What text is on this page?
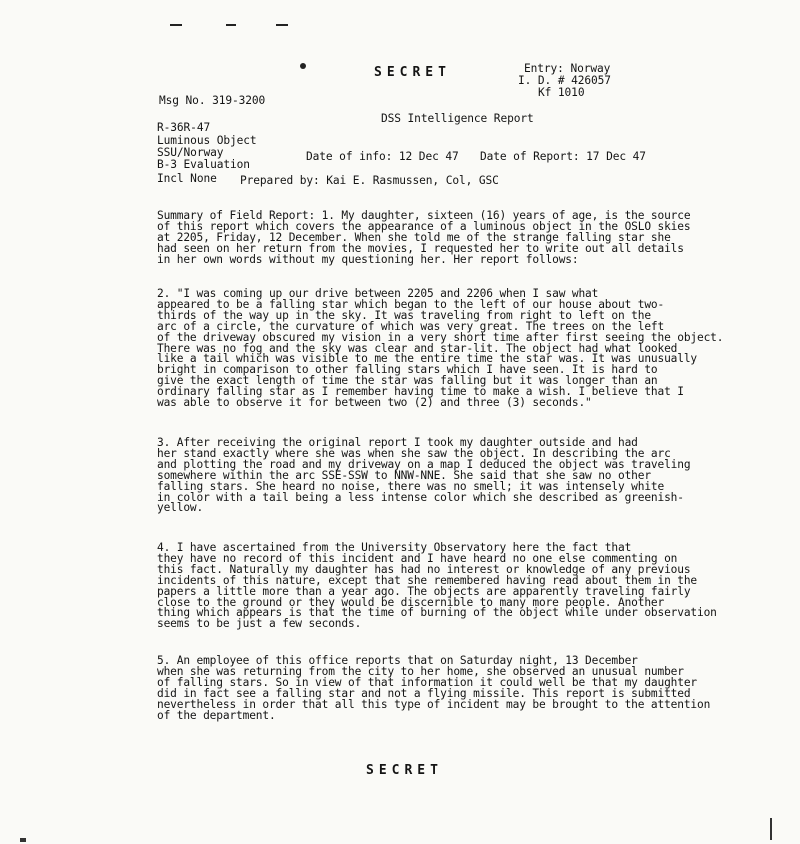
SECRET	Entry: Norway
I. D. # 426057
Kf 1010
Msg No. 319-3200
DSS Intelligence Report
R-36R-47
Luminous Object
SSU/Norway
B-3 Evaluation
Incl None
Date of info: 12 Dec 47 Date of Report: 17 Dec 47
Prepared by: Kai E. Rasmussen, Col, GSC
Summary of Field Report: 1. My daughter, sixteen (16) years of age, is the source
of this report which covers the appearance of a luminous object in the OSLO skies
at 2205, Friday, 12 December. When she told me of the strange falling star she
had seen on her return from the movies, I requested her to write out all details
in her own words without my questioning her. Her report follows:
2. "I was coming up our drive between 2205 and 2206 when I saw what
appeared to be a falling star which began to the left of our house about two-
thirds of the way up in the sky. It was traveling from right to left on the
arc of a circle, the curvature of which was very great. The trees on the left
of the driveway obscured my vision in a very short time after first seeing the object.
There was no fog and the sky was clear and star-lit. The object had what looked
like a tail which was visible to me the entire time the star was. It was unusually
bright in comparison to other falling stars which I have seen. It is hard to
give the exact length of time the star was falling but it was longer than an
ordinary falling star as I remember having time to make a wish. I believe that I
was able to observe it for between two (2) and three (3) seconds."
3. After receiving the original report I took my daughter outside and had
her stand exactly where she was when she saw the object. In describing the arc
and plotting the road and my driveway on a map I deduced the object was traveling
somewhere within the arc SSE-SSW to NNW-NNE. She said that she saw no other
falling stars. She heard no noise, there was no smell; it was intensely white
in color with a tail being a less intense color which she described as greenish-
yellow.
4. I have ascertained from the University Observatory here the fact that
they have no record of this incident and I have heard no one else commenting on
this fact. Naturally my daughter has had no interest or knowledge of any previous
incidents of this nature, except that she remembered having read about them in the
papers a little more than a year ago. The objects are apparently traveling fairly
close to the ground or they would be discernible to many more people. Another
thing which appears is that the time of burning of the object while under observation
seems to be just a few seconds.
5. An employee of this office reports that on Saturday night, 13 December
when she was returning from the city to her home, she observed an unusual number
of falling stars. So in view of that information it could well be that my daughter
did in fact see a falling star and not a flying missile. This report is submitted
nevertheless in order that all this type of incident may be brought to the attention
of the department.
SECRET
